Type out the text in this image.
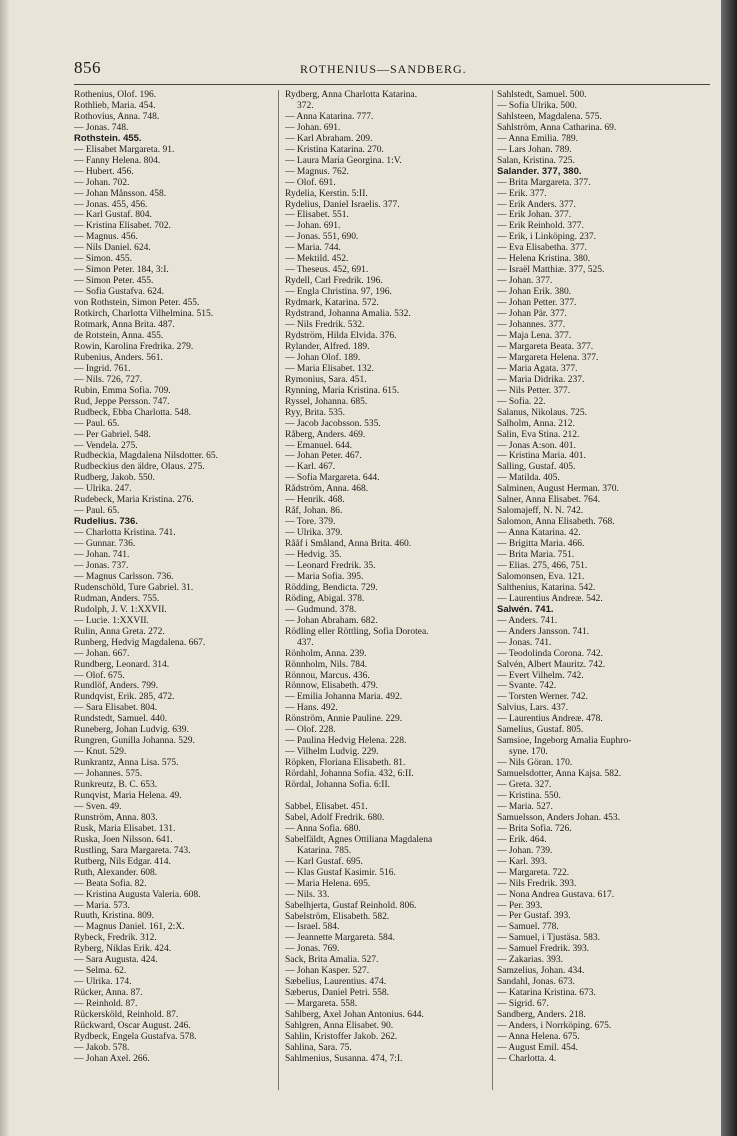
856	ROTHENIUS—SANDBERG.
Rothenius, Olof. 196.
Rothlieb, Maria. 454.
Rothovius, Anna. 748.
— Jonas. 748.
Rothstein. 455.
— Elisabet Margareta. 91.
— Fanny Helena. 804.
— Hubert. 456.
— Johan. 702.
— Johan Månsson. 458.
— Jonas. 455, 456.
— Karl Gustaf. 804.
— Kristina Elisabet. 702.
— Magnus. 456.
— Nils Daniel. 624.
— Simon. 455.
— Simon Peter. 184, 3:I.
— Simon Peter. 455.
— Sofia Gustafva. 624.
von Rothstein, Simon Peter. 455.
Rotkirch, Charlotta Vilhelmina. 515.
Rotmark, Anna Brita. 487.
de Rotstein, Anna. 455.
Rowin, Karolina Fredrika. 279.
Rubenius, Anders. 561.
— Ingrid. 761.
— Nils. 726, 727.
Rubin, Emma Sofia. 709.
Rud, Jeppe Persson. 747.
Rudbeck, Ebba Charlotta. 548.
— Paul. 65.
— Per Gabriel. 548.
— Vendela. 275.
Rudbeckia, Magdalena Nilsdotter. 65.
Rudbeckius den äldre, Olaus. 275.
Rudberg, Jakob. 550.
— Ulrika. 247.
Rudebeck, Maria Kristina. 276.
— Paul. 65.
Rudelius. 736.
— Charlotta Kristina. 741.
— Gunnar. 736.
— Johan. 741.
— Jonas. 737.
— Magnus Carlsson. 736.
Rudenschöld, Ture Gabriel. 31.
Rudman, Anders. 755.
Rudolph, J. V. 1:XXVII.
— Lucie. 1:XXVII.
Rulin, Anna Greta. 272.
Runberg, Hedvig Magdalena. 667.
— Johan. 667.
Rundberg, Leonard. 314.
— Olof. 675.
Rundlöf, Anders. 799.
Rundqvist, Erik. 285, 472.
— Sara Elisabet. 804.
Rundstedt, Samuel. 440.
Runeberg, Johan Ludvig. 639.
Rungren, Gunilla Johanna. 529.
— Knut. 529.
Runkrantz, Anna Lisa. 575.
— Johannes. 575.
Runkreutz, B. C. 653.
Runqvist, Maria Helena. 49.
— Sven. 49.
Runström, Anna. 803.
Rusk, Maria Elisabet. 131.
Ruska, Joen Nilsson. 641.
Rustling, Sara Margareta. 743.
Rutberg, Nils Edgar. 414.
Ruth, Alexander. 608.
— Beata Sofia. 82.
— Kristina Augusta Valeria. 608.
— Maria. 573.
Ruuth, Kristina. 809.
— Magnus Daniel. 161, 2:X.
Rybeck, Fredrik. 312.
Ryberg, Niklas Erik. 424.
— Sara Augusta. 424.
— Selma. 62.
— Ulrika. 174.
Rücker, Anna. 87.
— Reinhold. 87.
Rückersköld, Reinhold. 87.
Rückward, Oscar August. 246.
Rydbeck, Engela Gustafva. 578.
— Jakob. 578.
— Johan Axel. 266.
Rydberg, Anna Charlotta Katarina.
372.
— Anna Katarina. 777.
— Johan. 691.
— Karl Abraham. 209.
— Kristina Katarina. 270.
— Laura Maria Georgina. 1:V.
— Magnus. 762.
— Olof. 691.
Rydelia, Kerstin. 5:II.
Rydelius, Daniel Israelis. 377.
— Elisabet. 551.
— Johan. 691.
— Jonas. 551, 690.
— Maria. 744.
— Mektild. 452.
— Theseus. 452, 691.
Rydell, Carl Fredrik. 196.
— Engla Christina. 97, 196.
Rydmark, Katarina. 572.
Rydstrand, Johanna Amalia. 532.
— Nils Fredrik. 532.
Rydström, Hilda Elvida. 376.
Rylander, Alfred. 189.
— Johan Olof. 189.
— Maria Elisabet. 132.
Rymonius, Sara. 451.
Rynning, Maria Kristina. 615.
Ryssel, Johanna. 685.
Ryy, Brita. 535.
— Jacob Jacobsson. 535.
Råberg, Anders. 469.
— Emanuel. 644.
— Johan Peter. 467.
— Karl. 467.
— Sofia Margareta. 644.
Rådström, Anna. 468.
— Henrik. 468.
Råf, Johan. 86.
— Tore. 379.
— Ulrika. 379.
Rååf i Småland, Anna Brita. 460.
— Hedvig. 35.
— Leonard Fredrik. 35.
— Maria Sofia. 395.
Rödding, Bendicta. 729.
Röding, Abigal. 378.
— Gudmund. 378.
— Johan Abraham. 682.
Rödling eller Röttling, Sofia Dorotea.
437.
Rönholm, Anna. 239.
Rönnholm, Nils. 784.
Rönnou, Marcus. 436.
Rönnow, Elisabeth. 479.
— Emilia Johanna Maria. 492.
— Hans. 492.
Rönström, Annie Pauline. 229.
— Olof. 228.
— Paulina Hedvig Helena. 228.
— Vilhelm Ludvig. 229.
Röpken, Floriana Elisabeth. 81.
Rördahl, Johanna Sofia. 432, 6:II.
Rördal, Johanna Sofia. 6:II.
Sabbel, Elisabet. 451.
Sabel, Adolf Fredrik. 680.
— Anna Sofia. 680.
Sabelfäldt, Agnes Ottiliana Magdalena
Katarina. 785.
— Karl Gustaf. 695.
— Klas Gustaf Kasimir. 516.
— Maria Helena. 695.
— Nils. 33.
Sabelhjerta, Gustaf Reinhold. 806.
Sabelström, Elisabeth. 582.
— Israel. 584.
— Jeannette Margareta. 584.
— Jonas. 769.
Sack, Brita Amalia. 527.
— Johan Kasper. 527.
Sæbelius, Laurentius. 474.
Sæberus, Daniel Petri. 558.
— Margareta. 558.
Sahlberg, Axel Johan Antonius. 644.
Sahlgren, Anna Elisabet. 90.
Sahlin, Kristoffer Jakob. 262.
Sahlina, Sara. 75.
Sahlmenius, Susanna. 474, 7:I.
Sahlstedt, Samuel. 500.
— Sofia Ulrika. 500.
Sahlsteen, Magdalena. 575.
Sahlström, Anna Catharina. 69.
— Anna Emilia. 789.
— Lars Johan. 789.
Salan, Kristina. 725.
Salander. 377, 380.
— Brita Margareta. 377.
— Erik. 377.
— Erik Anders. 377.
— Erik Johan. 377.
— Erik Reinhold. 377.
— Erik, i Linköping. 237.
— Eva Elisabetha. 377.
— Helena Kristina. 380.
— Israël Matthiæ. 377, 525.
— Johan. 377.
— Johan Erik. 380.
— Johan Petter. 377.
— Johan Pär. 377.
— Johannes. 377.
— Maja Lena. 377.
— Margareta Beata. 377.
— Margareta Helena. 377.
— Maria Agata. 377.
— Maria Didrika. 237.
— Nils Petter. 377.
— Sofia. 22.
Salanus, Nikolaus. 725.
Salholm, Anna. 212.
Salin, Eva Stina. 212.
— Jonas A:son. 401.
— Kristina Maria. 401.
Salling, Gustaf. 405.
— Matilda. 405.
Salminen, August Herman. 370.
Salner, Anna Elisabet. 764.
Salomajeff, N. N. 742.
Salomon, Anna Elisabeth. 768.
— Anna Katarina. 42.
— Brigitta Maria. 466.
— Brita Maria. 751.
— Elias. 275, 466, 751.
Salomonsen, Eva. 121.
Salthenius, Katarina. 542.
— Laurentius Andreæ. 542.
Salwén. 741.
— Anders. 741.
— Anders Jansson. 741.
— Jonas. 741.
— Teodolinda Corona. 742.
Salvén, Albert Mauritz. 742.
— Evert Vilhelm. 742.
— Svante. 742.
— Torsten Werner. 742.
Salvius, Lars. 437.
— Laurentius Andreæ. 478.
Samelius, Gustaf. 805.
Samsioe, Ingeborg Amalia Euphro-
syne. 170.
— Nils Göran. 170.
Samuelsdotter, Anna Kajsa. 582.
— Greta. 327.
— Kristina. 550.
— Maria. 527.
Samuelsson, Anders Johan. 453.
— Brita Sofia. 726.
— Erik. 464.
— Johan. 739.
— Karl. 393.
— Margareta. 722.
— Nils Fredrik. 393.
— Nona Andrea Gustava. 617.
— Per. 393.
— Per Gustaf. 393.
— Samuel. 778.
— Samuel, i Tjustäsa. 583.
— Samuel Fredrik. 393.
— Zakarias. 393.
Samzelius, Johan. 434.
Sandahl, Jonas. 673.
— Katarina Kristina. 673.
— Sigrid. 67.
Sandberg, Anders. 218.
— Anders, i Norrköping. 675.
— Anna Helena. 675.
— August Emil. 454.
— Charlotta. 4.
